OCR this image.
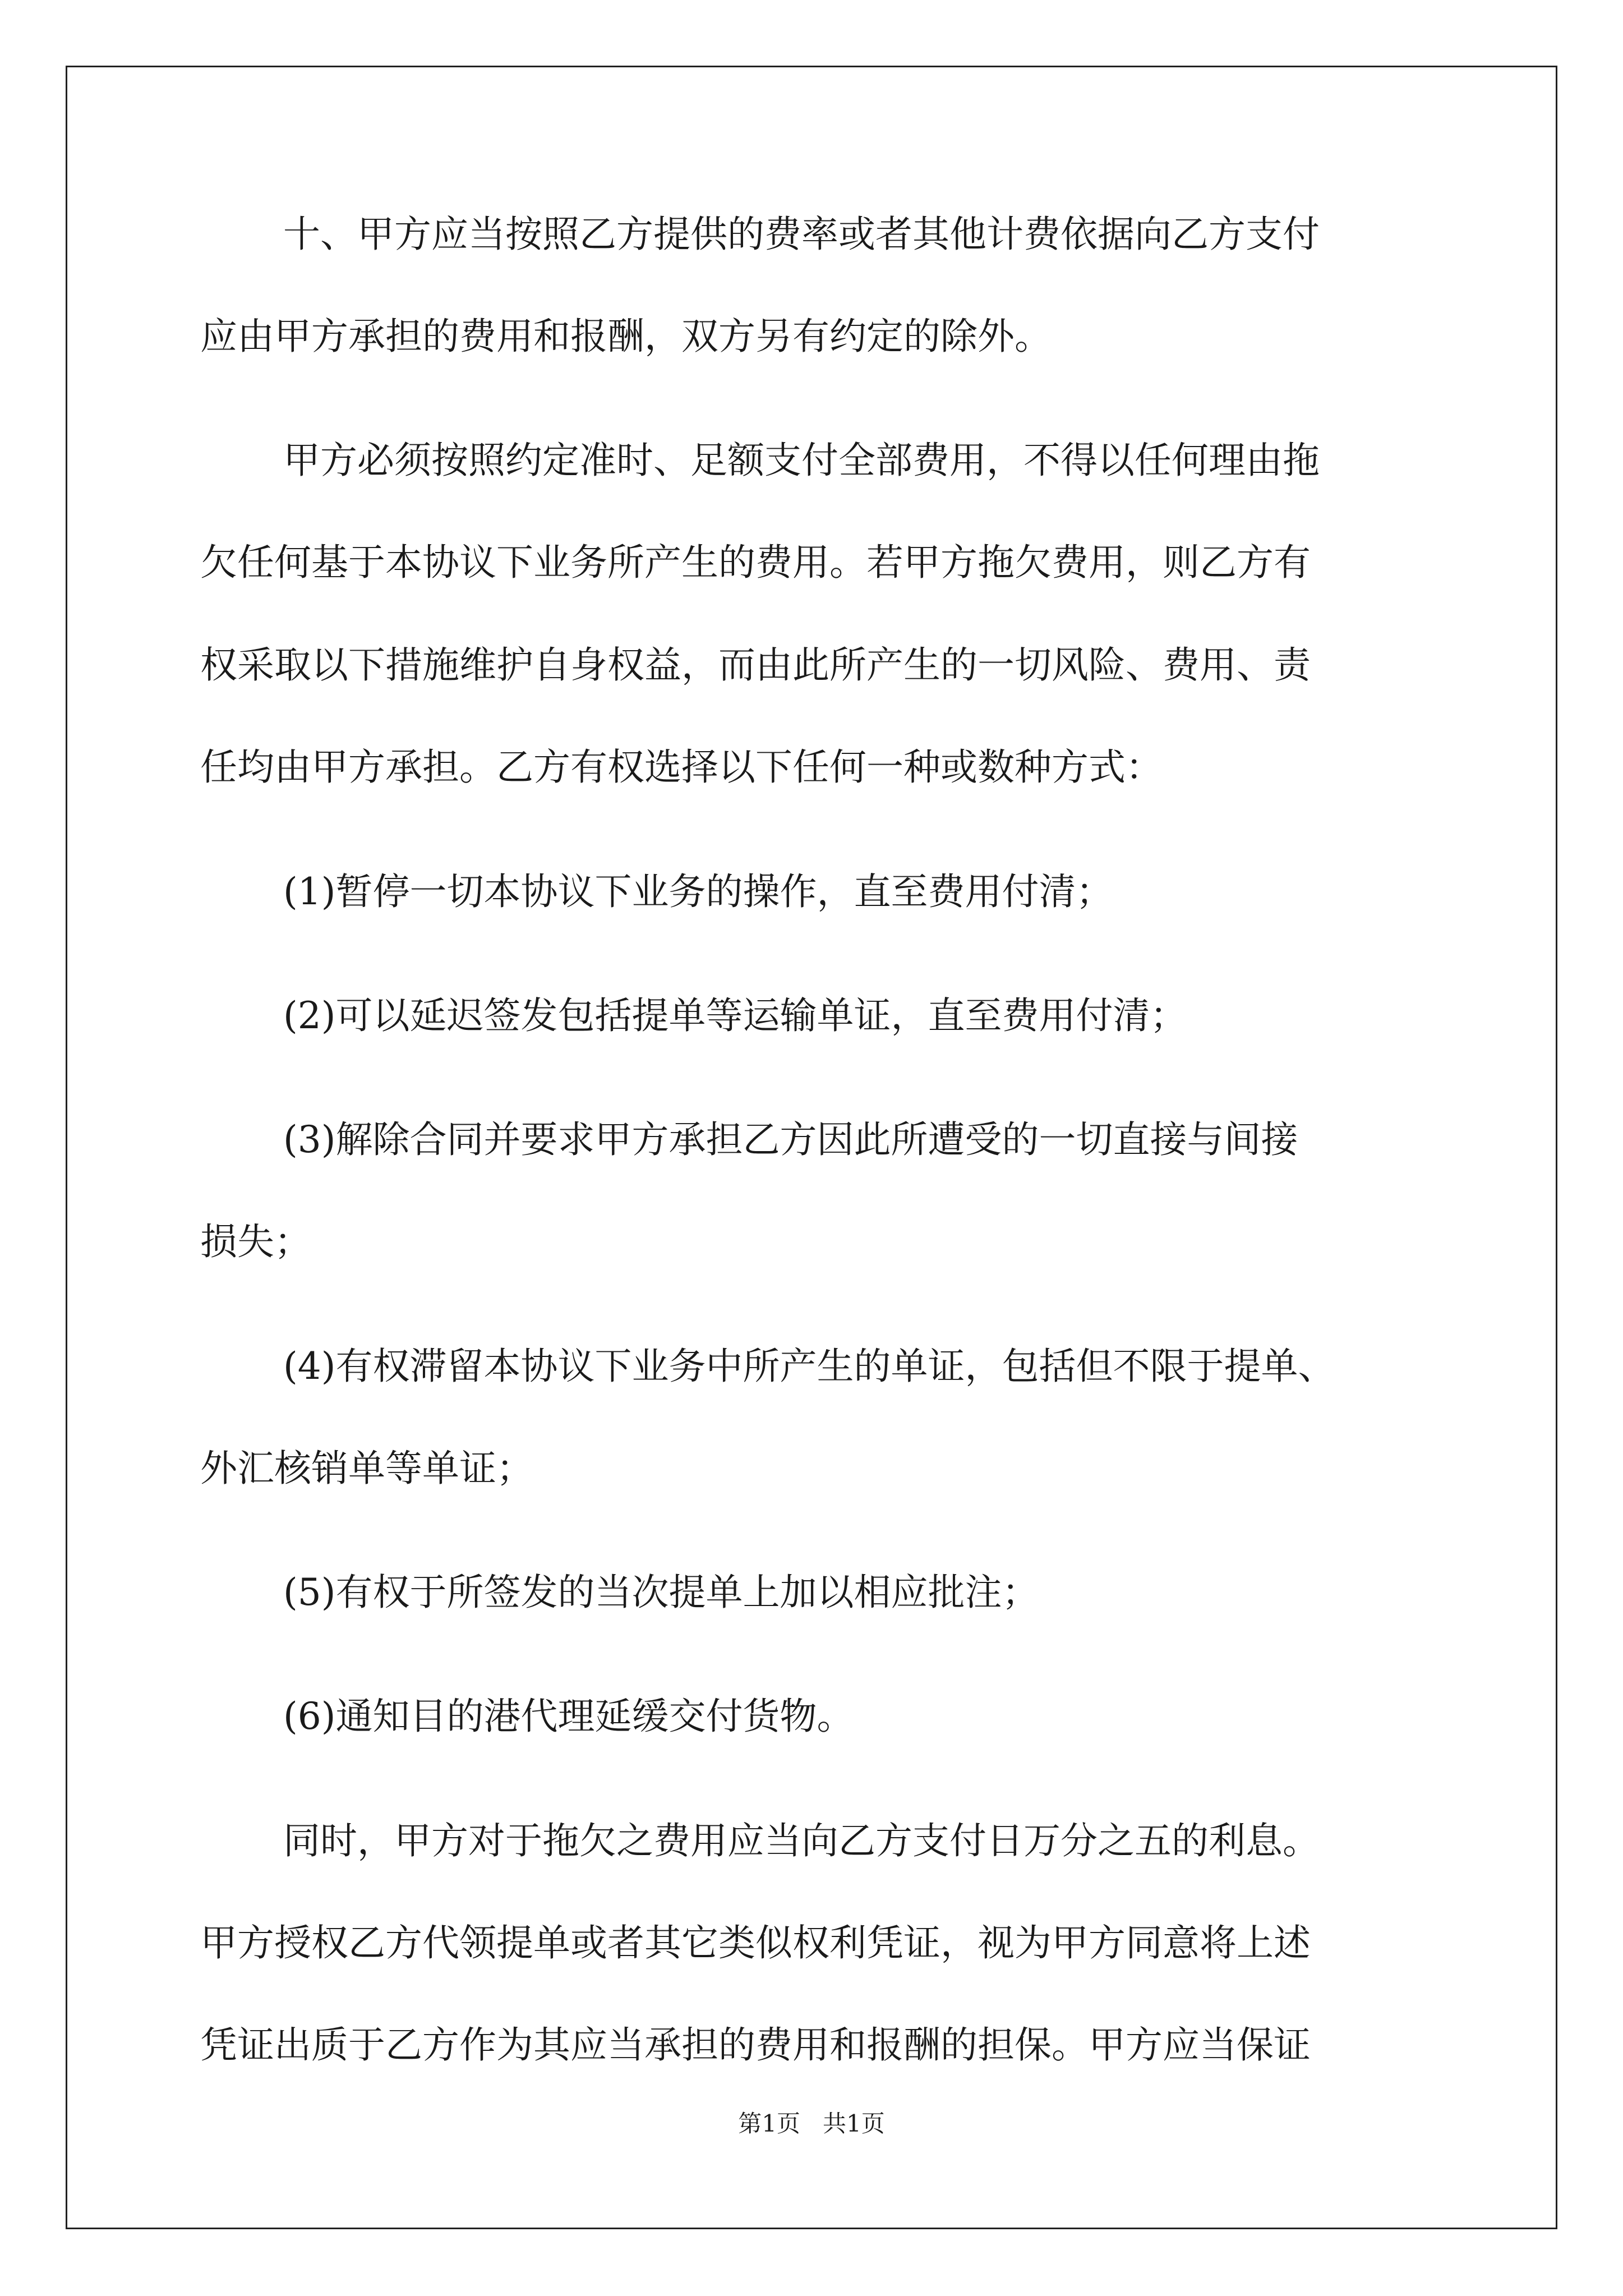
十、甲方应当按照乙方提供的费率或者其他计费依据向乙方支付
应由甲方承担的费用和报酬，双方另有约定的除外。
甲方必须按照约定准时、足额支付全部费用，不得以任何理由拖
欠任何基于本协议下业务所产生的费用。若甲方拖欠费用，则乙方有
权采取以下措施维护自身权益，而由此所产生的一切风险、费用、责
任均由甲方承担。乙方有权选择以下任何一种或数种方式：
(1)暂停一切本协议下业务的操作，直至费用付清；
(2)可以延迟签发包括提单等运输单证，直至费用付清；
(3)解除合同并要求甲方承担乙方因此所遭受的一切直接与间接
损失；
(4)有权滞留本协议下业务中所产生的单证，包括但不限于提单、
外汇核销单等单证；
(5)有权于所签发的当次提单上加以相应批注；
(6)通知目的港代理延缓交付货物。
同时，甲方对于拖欠之费用应当向乙方支付日万分之五的利息。
甲方授权乙方代领提单或者其它类似权利凭证，视为甲方同意将上述
凭证出质于乙方作为其应当承担的费用和报酬的担保。甲方应当保证
第1页   共1页
